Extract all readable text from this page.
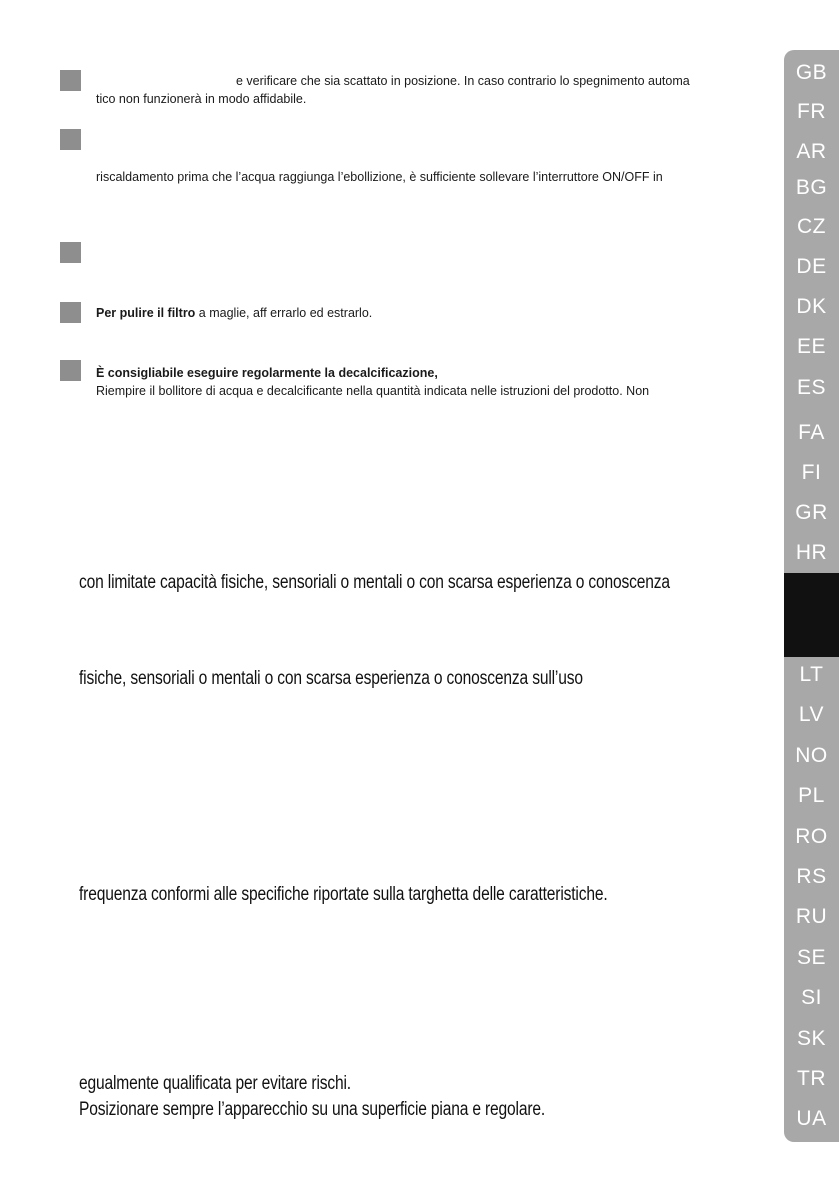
e verificare che sia scattato in posizione. In caso contrario lo spegnimento automa
tico non funzionerà in modo affidabile.
riscaldamento prima che l’acqua raggiunga l’ebollizione, è sufficiente sollevare l’interruttore ON/OFF in
Per pulire il filtro a maglie, aff errarlo ed estrarlo.
È consigliabile eseguire regolarmente la decalcificazione,
Riempire il bollitore di acqua e decalcificante nella quantità indicata nelle istruzioni del prodotto. Non
con limitate capacità fisiche, sensoriali o mentali o con scarsa esperienza o conoscenza
fisiche, sensoriali o mentali o con scarsa esperienza o conoscenza sull’uso
frequenza conformi alle specifiche riportate sulla targhetta delle caratteristiche.
egualmente qualificata per evitare rischi.
Posizionare sempre l’apparecchio su una superficie piana e regolare.
GB
FR
AR
BG
CZ
DE
DK
EE
ES
FA
FI
GR
HR
LT
LV
NO
PL
RO
RS
RU
SE
SI
SK
TR
UA
